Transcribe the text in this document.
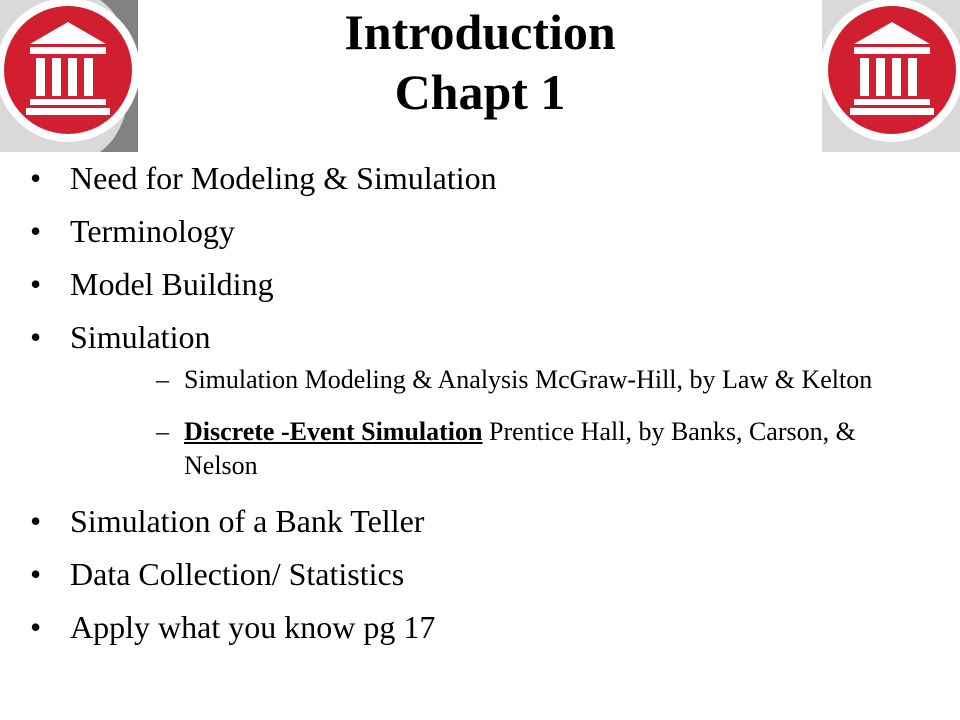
Introduction
Chapt 1
• Need for Modeling & Simulation
• Terminology
• Model Building
• Simulation
– Simulation Modeling & Analysis McGraw-Hill, by Law & Kelton
– Discrete -Event Simulation Prentice Hall, by Banks, Carson, & Nelson
• Simulation of a Bank Teller
• Data Collection/ Statistics
• Apply what you know pg 17
